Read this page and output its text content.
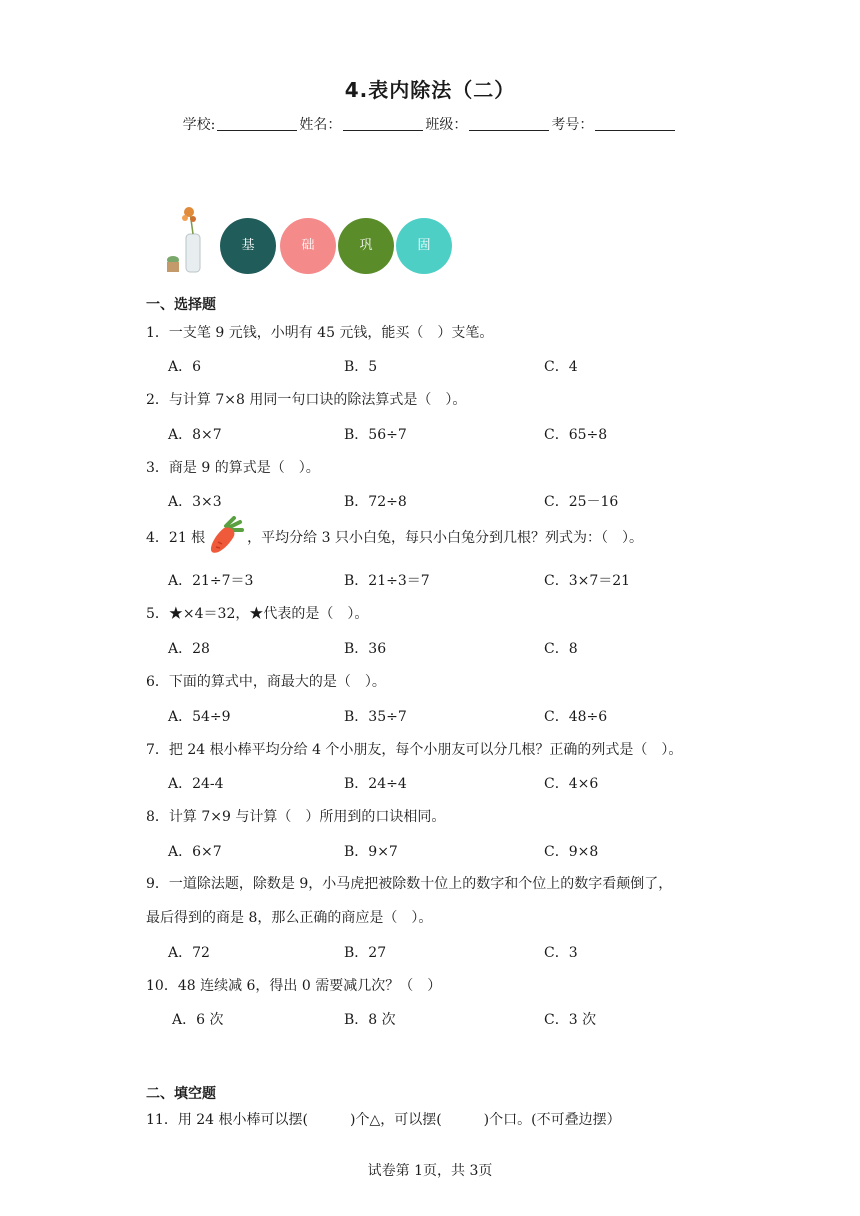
4.表内除法（二）
学校:	姓名：	班级：	考号：
基	础	巩	固
一、选择题
1．一支笔 9 元钱，小明有 45 元钱，能买（　）支笔。
A．6	B．5	C．4
2．与计算 7×8 用同一句口诀的除法算式是（　）。
A．8×7	B．56÷7	C．65÷8
3．商是 9 的算式是（　）。
A．3×3	B．72÷8	C．25－16
4．21 根	，平均分给 3 只小白兔，每只小白兔分到几根？列式为：（　）。
A．21÷7＝3	B．21÷3＝7	C．3×7＝21
5．★×4＝32，★代表的是（　）。
A．28	B．36	C．8
6．下面的算式中，商最大的是（　）。
A．54÷9	B．35÷7	C．48÷6
7．把 24 根小棒平均分给 4 个小朋友，每个小朋友可以分几根？正确的列式是（　）。
A．24-4	B．24÷4	C．4×6
8．计算 7×9 与计算（　）所用到的口诀相同。
A．6×7	B．9×7	C．9×8
9．一道除法题，除数是 9，小马虎把被除数十位上的数字和个位上的数字看颠倒了，
最后得到的商是 8，那么正确的商应是（　）。
A．72	B．27	C．3
10．48 连续减 6，得出 0 需要减几次？（　）
A．6 次	B．8 次	C．3 次
二、填空题
11．用 24 根小棒可以摆(　　　)个△，可以摆(　　　)个口。(不可叠边摆）
试卷第 1页，共 3页
